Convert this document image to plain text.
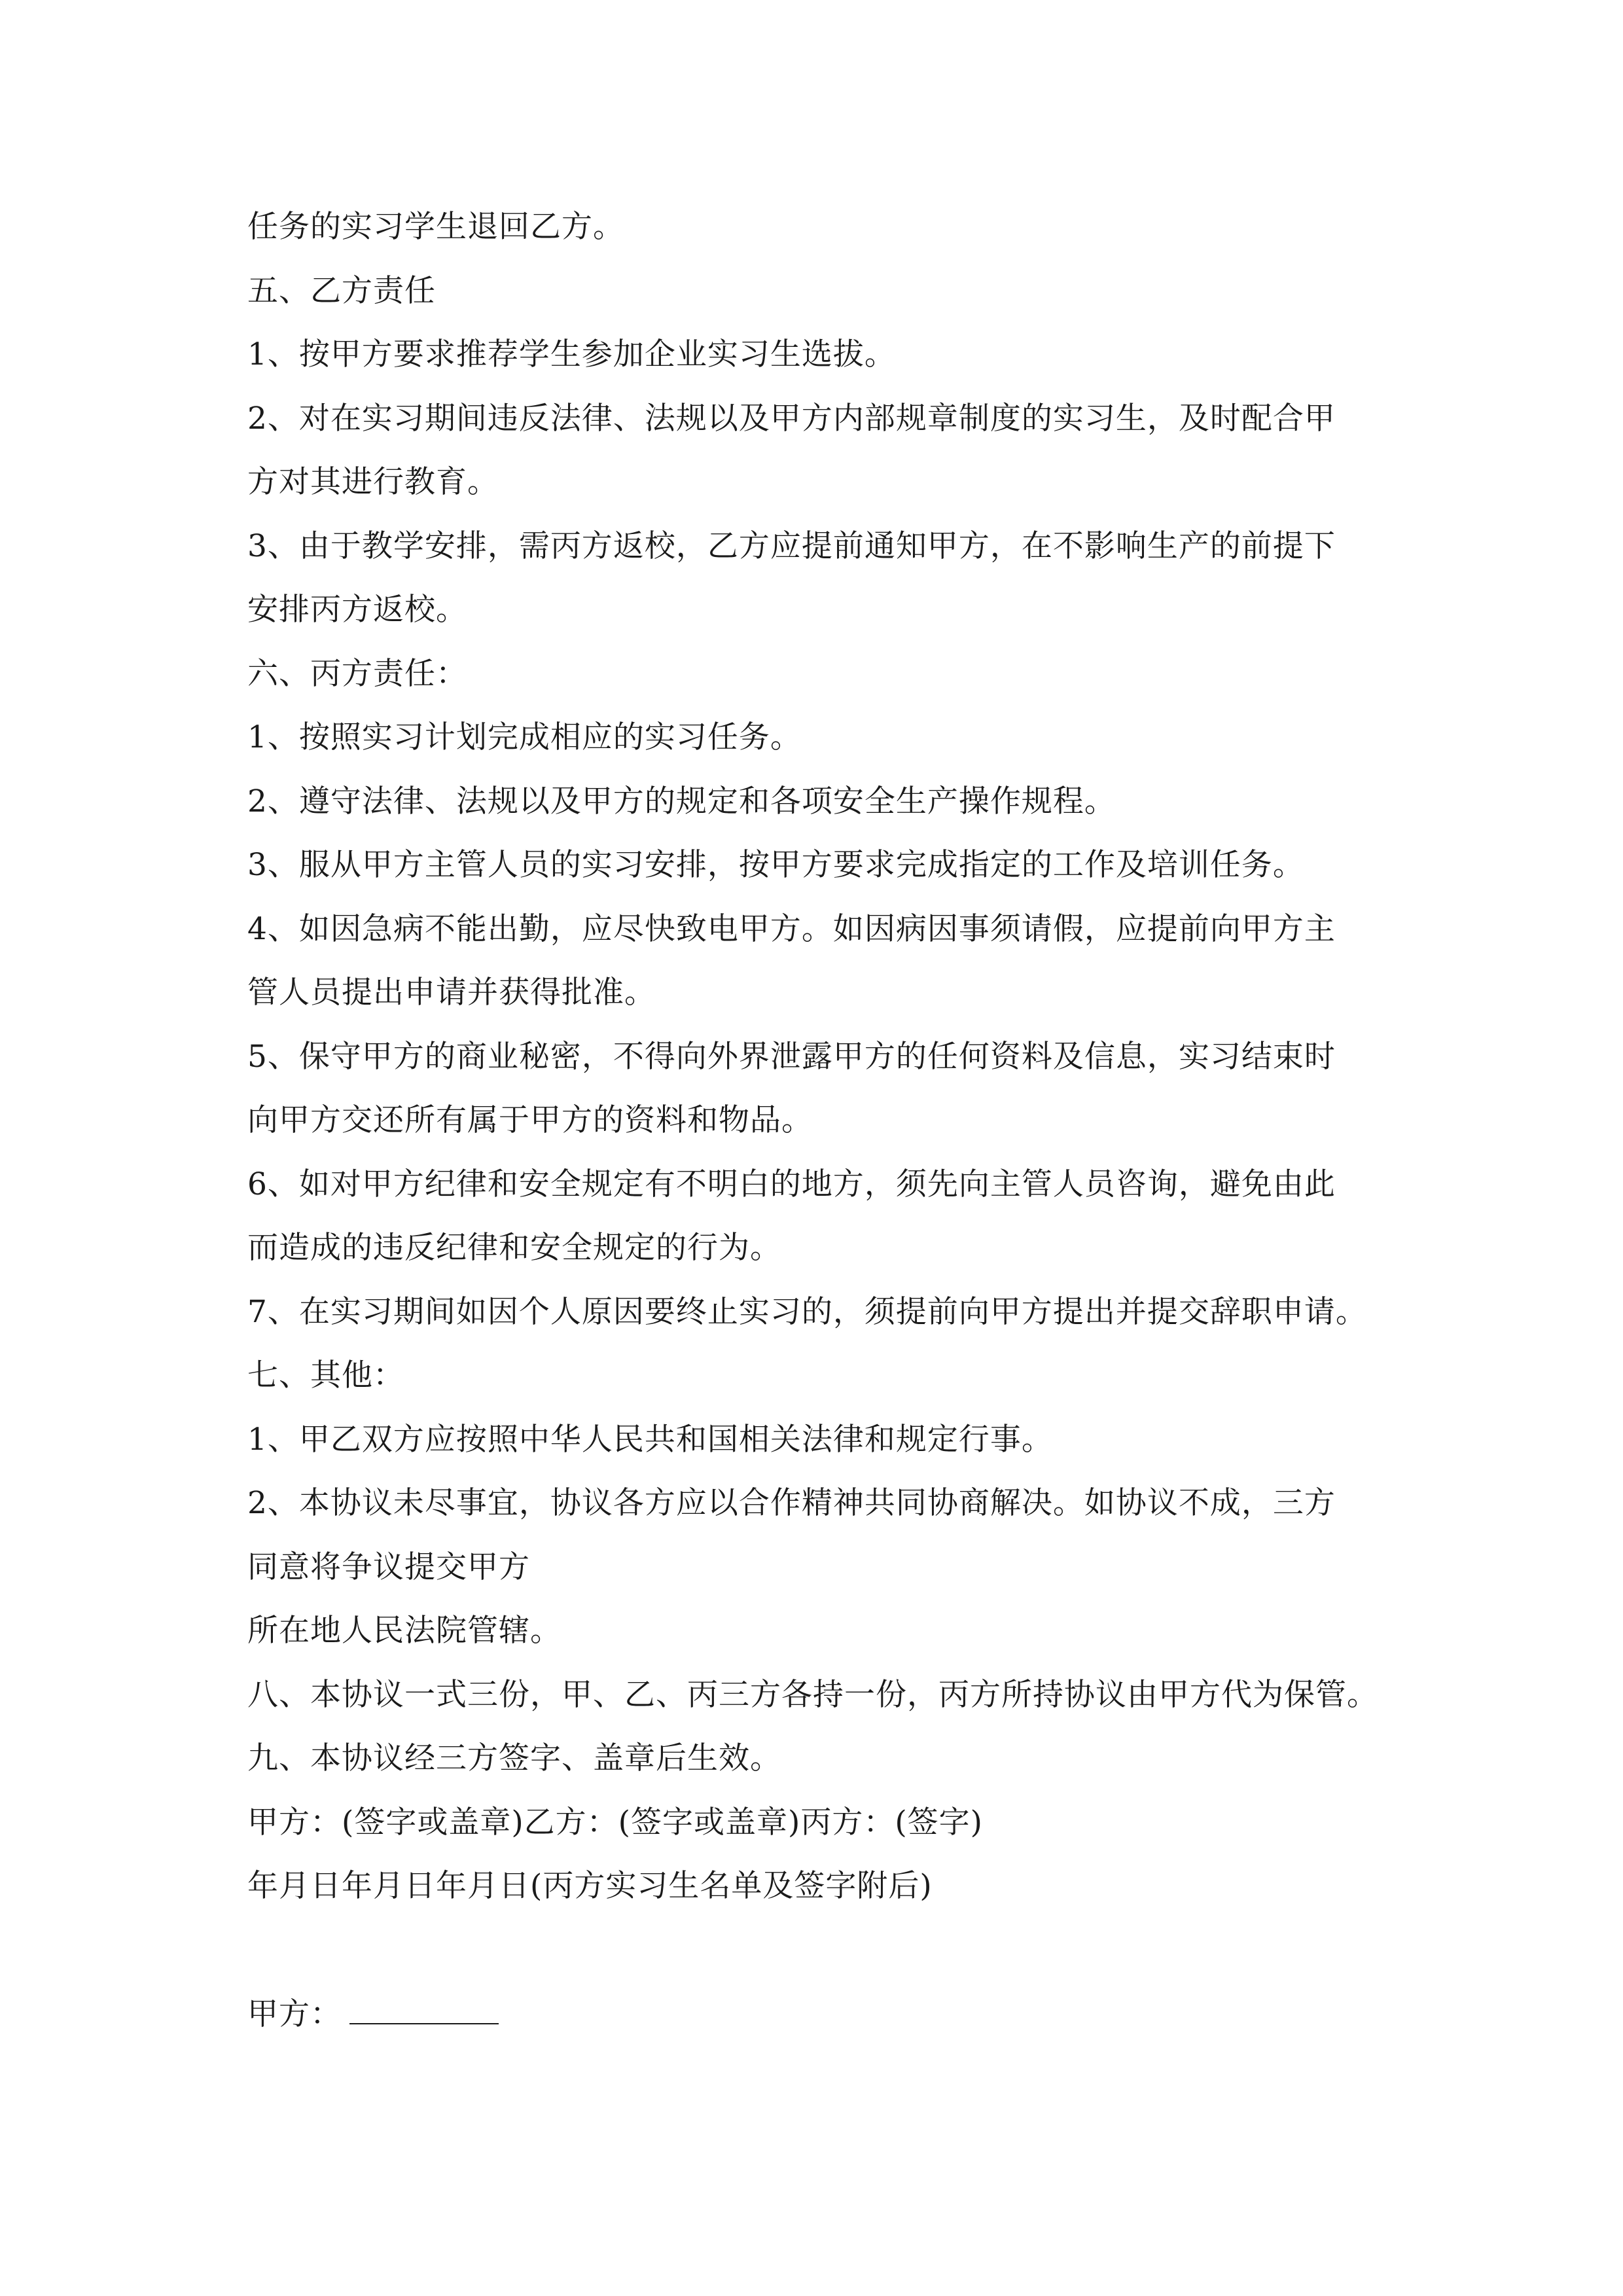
任务的实习学生退回乙方。
五、乙方责任
1、按甲方要求推荐学生参加企业实习生选拔。
2、对在实习期间违反法律、法规以及甲方内部规章制度的实习生，及时配合甲
方对其进行教育。
3、由于教学安排，需丙方返校，乙方应提前通知甲方，在不影响生产的前提下
安排丙方返校。
六、丙方责任：
1、按照实习计划完成相应的实习任务。
2、遵守法律、法规以及甲方的规定和各项安全生产操作规程。
3、服从甲方主管人员的实习安排，按甲方要求完成指定的工作及培训任务。
4、如因急病不能出勤，应尽快致电甲方。如因病因事须请假，应提前向甲方主
管人员提出申请并获得批准。
5、保守甲方的商业秘密，不得向外界泄露甲方的任何资料及信息，实习结束时
向甲方交还所有属于甲方的资料和物品。
6、如对甲方纪律和安全规定有不明白的地方，须先向主管人员咨询，避免由此
而造成的违反纪律和安全规定的行为。
7、在实习期间如因个人原因要终止实习的，须提前向甲方提出并提交辞职申请。
七、其他：
1、甲乙双方应按照中华人民共和国相关法律和规定行事。
2、本协议未尽事宜，协议各方应以合作精神共同协商解决。如协议不成，三方
同意将争议提交甲方
所在地人民法院管辖。
八、本协议一式三份，甲、乙、丙三方各持一份，丙方所持协议由甲方代为保管。
九、本协议经三方签字、盖章后生效。
甲方：(签字或盖章)乙方：(签字或盖章)丙方：(签字)
年月日年月日年月日(丙方实习生名单及签字附后)
甲方：
